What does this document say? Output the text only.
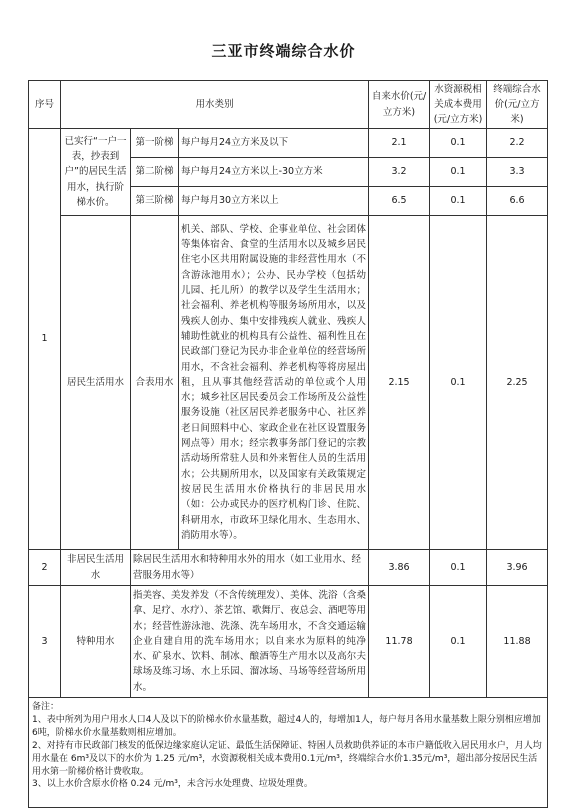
三亚市终端综合水价
序号	用水类别			自来水价(元/立方米)	水资源税相关成本费用(元/立方米)	终端综合水价(元/立方米)
1	已实行“一户一表，抄表到户”的居民生活用水，执行阶梯水价。	第一阶梯	每户每月24立方米及以下	2.1	0.1	2.2
		第二阶梯	每户每月24立方米以上-30立方米	3.2	0.1	3.3
		第三阶梯	每户每月30立方米以上	6.5	0.1	6.6
	居民生活用水	合表用水	机关、部队、学校、企事业单位、社会团体等集体宿舍、食堂的生活用水以及城乡居民住宅小区共用附属设施的非经营性用水（不含游泳池用水）；公办、民办学校（包括幼儿园、托儿所）的教学以及学生生活用水；社会福利、养老机构等服务场所用水，以及残疾人创办、集中安排残疾人就业、残疾人辅助性就业的机构具有公益性、福利性且在民政部门登记为民办非企业单位的经营场所用水，不含社会福利、养老机构等将房屋出租，且从事其他经营活动的单位或个人用水；城乡社区居民委员会工作场所及公益性服务设施（社区居民养老服务中心、社区养老日间照料中心、家政企业在社区设置服务网点等）用水；经宗教事务部门登记的宗教活动场所常驻人员和外来暂住人员的生活用水；公共厕所用水，以及国家有关政策规定按居民生活用水价格执行的非居民用水（如：公办或民办的医疗机构门诊、住院、科研用水，市政环卫绿化用水、生态用水、消防用水等）。	2.15	0.1	2.25
2	非居民生活用水	除居民生活用水和特种用水外的用水（如工业用水、经营服务用水等）		3.86	0.1	3.96
3	特种用水	指美容、美发养发（不含传统理发）、美体、洗浴（含桑拿、足疗、水疗）、茶艺馆、歌舞厅、夜总会、酒吧等用水；经营性游泳池、洗涤、洗车场用水，不含交通运输企业自建自用的洗车场用水；以自来水为原料的纯净水、矿泉水、饮料、制冰、酿酒等生产用水以及高尔夫球场及练习场、水上乐园、溜冰场、马场等经营场所用水。		11.78	0.1	11.88

备注：
1、表中所列为用户用水人口4人及以下的阶梯水价水量基数，超过4人的，每增加1人，每户每月各用水量基数上限分别相应增加6吨，阶梯水价水量基数则相应增加。
2、对持有市民政部门核发的低保边缘家庭认定证、最低生活保障证、特困人员救助供养证的本市户籍低收入居民用水户，月人均用水量在 6m³及以下的水价为 1.25 元/m³，水资源税相关成本费用0.1元/m³，终端综合水价1.35元/m³，超出部分按居民生活用水第一阶梯价格计费收取。
3、以上水价含原水价格 0.24 元/m³，未含污水处理费、垃圾处理费。						
